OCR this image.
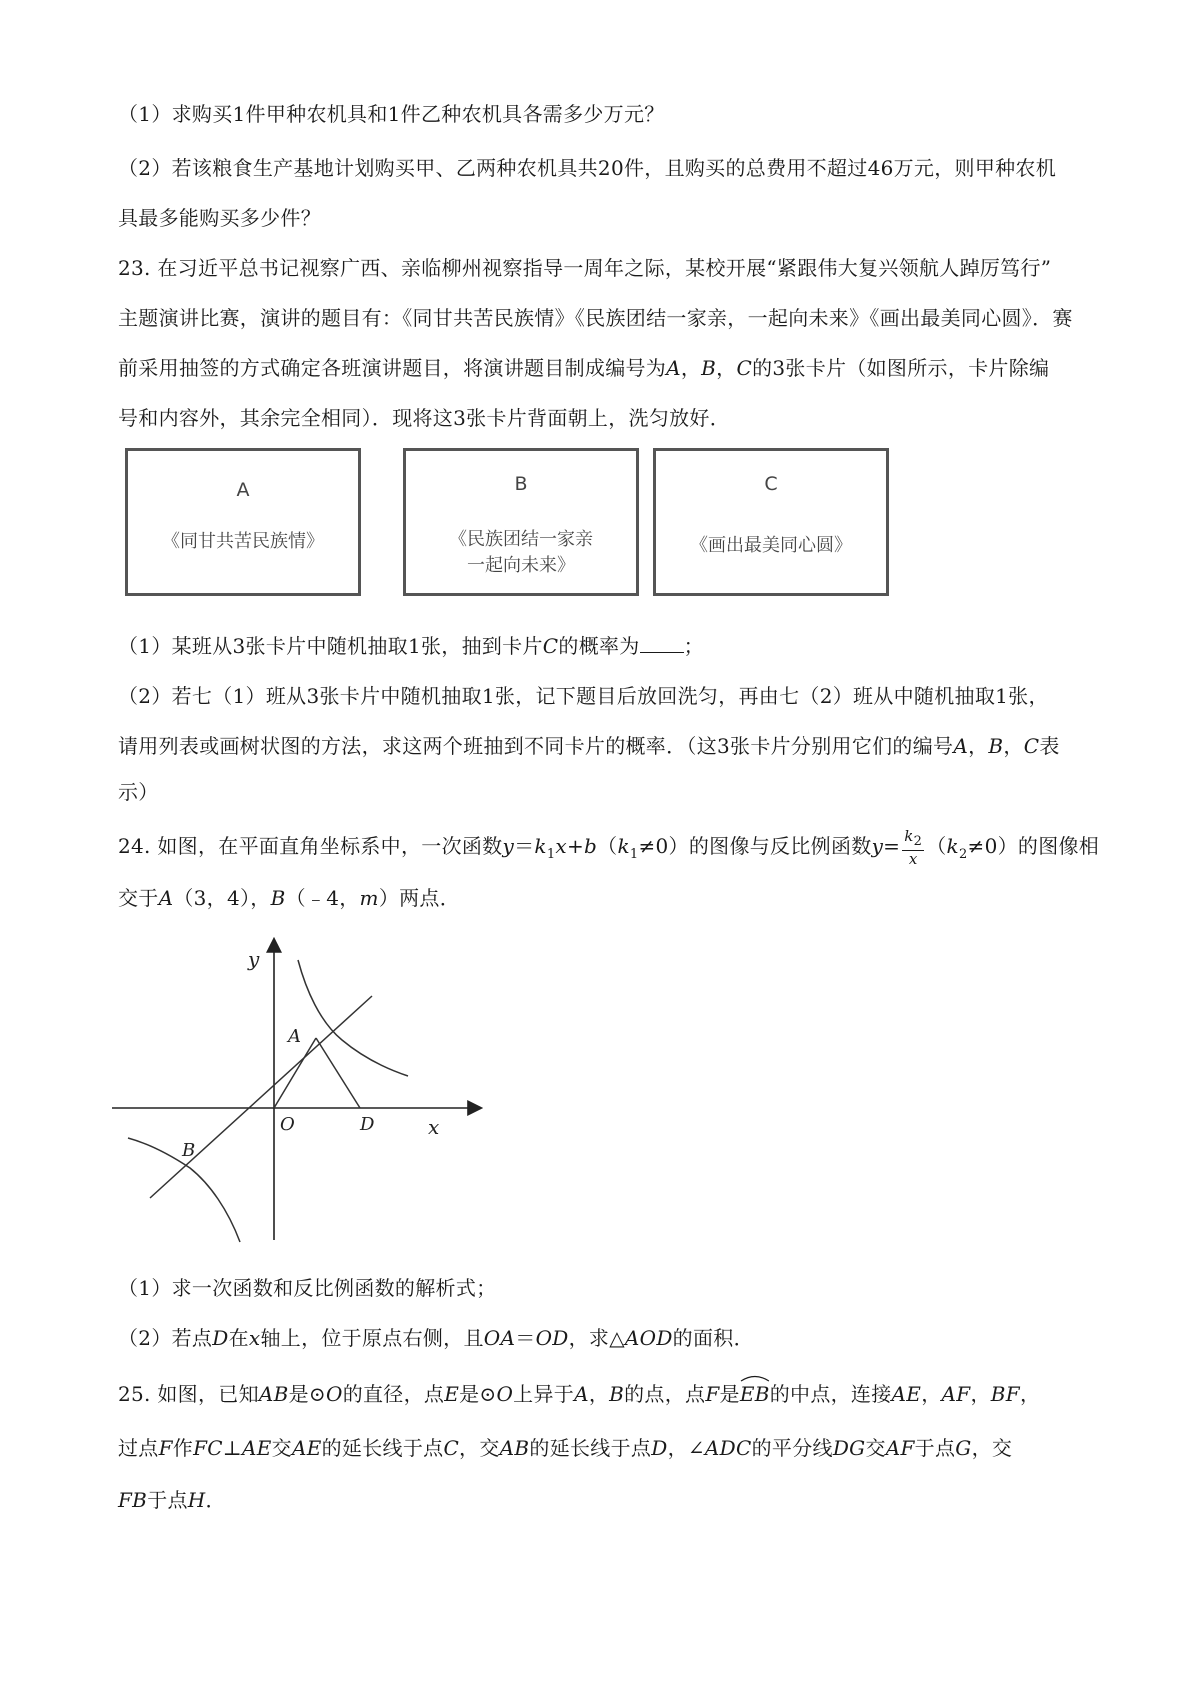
（1）求购买1件甲种农机具和1件乙种农机具各需多少万元？
（2）若该粮食生产基地计划购买甲、乙两种农机具共20件，且购买的总费用不超过46万元，则甲种农机
具最多能购买多少件？
23. 在习近平总书记视察广西、亲临柳州视察指导一周年之际，某校开展“紧跟伟大复兴领航人踔厉笃行”
主题演讲比赛，演讲的题目有：《同甘共苦民族情》《民族团结一家亲，一起向未来》《画出最美同心圆》．赛
前采用抽签的方式确定各班演讲题目，将演讲题目制成编号为A，B，C的3张卡片（如图所示，卡片除编
号和内容外，其余完全相同）．现将这3张卡片背面朝上，洗匀放好．
A
《同甘共苦民族情》
B
《民族团结一家亲
一起向未来》
C
《画出最美同心圆》
（1）某班从3张卡片中随机抽取1张，抽到卡片C的概率为 ；
（2）若七（1）班从3张卡片中随机抽取1张，记下题目后放回洗匀，再由七（2）班从中随机抽取1张，
请用列表或画树状图的方法，求这两个班抽到不同卡片的概率．（这3张卡片分别用它们的编号A，B，C表
示）
24. 如图，在平面直角坐标系中，一次函数$y=k_1x+b(k_1\ne 0)$的图像与反比例函数$y= \frac{k_2}{x} (k_2\ne 0)$的图像相
交于A（3，4），B（﹣4，m）两点．
y
x
O
A
B
D
（1）求一次函数和反比例函数的解析式；
（2）若点D在x轴上，位于原点右侧，且OA＝OD，求△AOD的面积．
25. 如图，已知AB是⊙O的直径，点E是⊙O上异于A，B的点，点F是
EB的中点，连接AE，AF，BF，
过点F作FC⊥AE交AE的延长线于点C，交AB的延长线于点D，∠ADC的平分线DG交AF于点G，交
FB于点H．
